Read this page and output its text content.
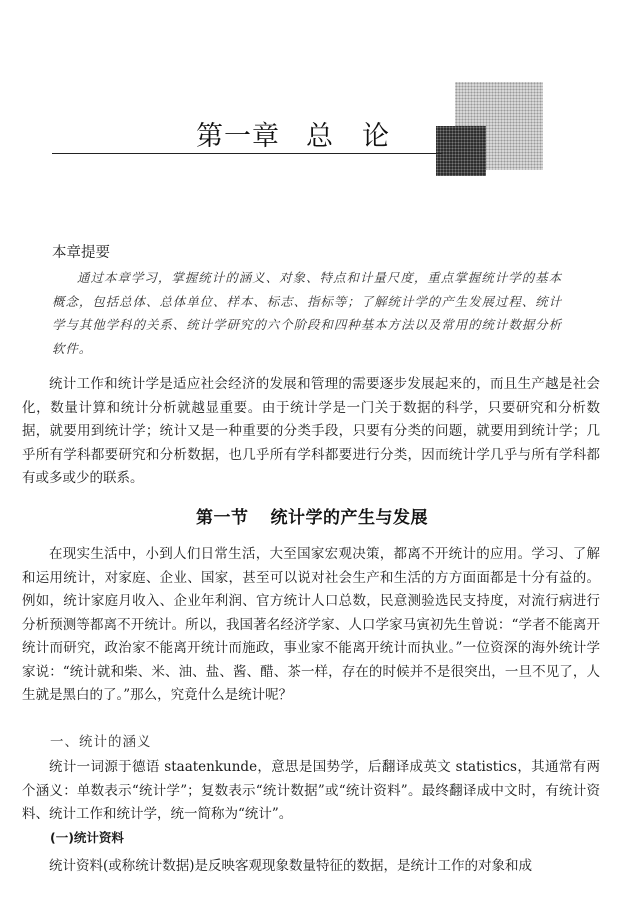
第一章 总　论
本章提要
通过本章学习，掌握统计的涵义、对象、特点和计量尺度，重点掌握统计学的基本概念，包括总体、总体单位、样本、标志、指标等；了解统计学的产生发展过程、统计学与其他学科的关系、统计学研究的六个阶段和四种基本方法以及常用的统计数据分析软件。
统计工作和统计学是适应社会经济的发展和管理的需要逐步发展起来的，而且生产越是社会化，数量计算和统计分析就越显重要。由于统计学是一门关于数据的科学，只要研究和分析数据，就要用到统计学；统计又是一种重要的分类手段，只要有分类的问题，就要用到统计学；几乎所有学科都要研究和分析数据，也几乎所有学科都要进行分类，因而统计学几乎与所有学科都有或多或少的联系。
第一节 统计学的产生与发展
在现实生活中，小到人们日常生活，大至国家宏观决策，都离不开统计的应用。学习、了解和运用统计，对家庭、企业、国家，甚至可以说对社会生产和生活的方方面面都是十分有益的。例如，统计家庭月收入、企业年利润、官方统计人口总数，民意测验选民支持度，对流行病进行分析预测等都离不开统计。所以，我国著名经济学家、人口学家马寅初先生曾说：“学者不能离开统计而研究，政治家不能离开统计而施政，事业家不能离开统计而执业。”一位资深的海外统计学家说：“统计就和柴、米、油、盐、酱、醋、茶一样，存在的时候并不是很突出，一旦不见了，人生就是黑白的了。”那么，究竟什么是统计呢？
一、统计的涵义
统计一词源于德语 staatenkunde，意思是国势学，后翻译成英文 statistics，其通常有两个涵义：单数表示“统计学”；复数表示“统计数据”或“统计资料”。最终翻译成中文时，有统计资料、统计工作和统计学，统一简称为“统计”。
(一)统计资料
统计资料(或称统计数据)是反映客观现象数量特征的数据，是统计工作的对象和成
